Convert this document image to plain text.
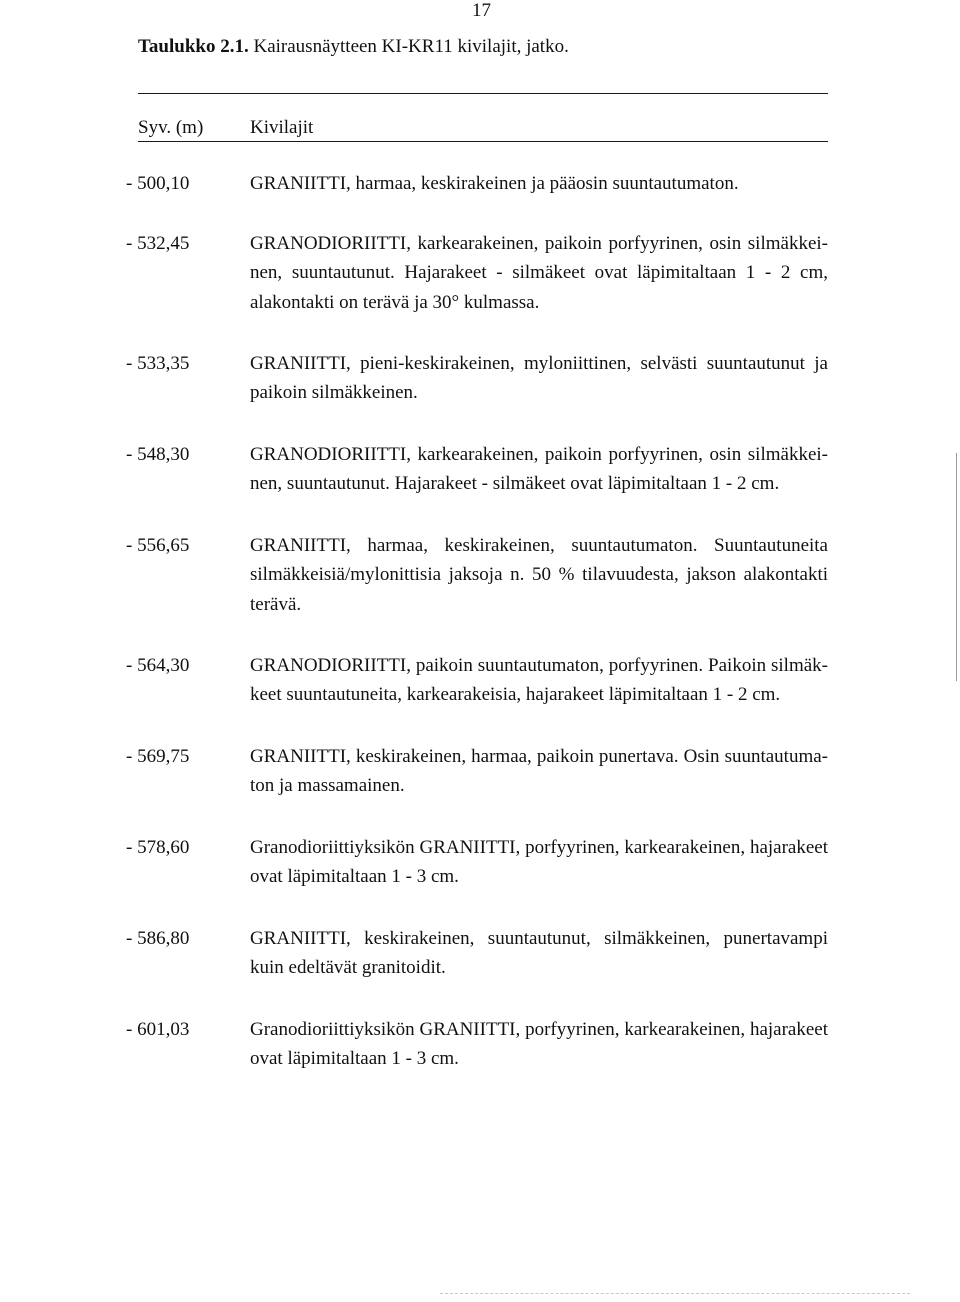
17
Taulukko 2.1. Kairausnäytteen KI-KR11 kivilajit, jatko.
Syv. (m) Kivilajit
- 500,10	GRANIITTI, harmaa, keskirakeinen ja pääosin suuntautumaton.
- 532,45	GRANODIORIITTI, karkearakeinen, paikoin porfyyrinen, osin silmäkkei-nen, suuntautunut. Hajarakeet - silmäkeet ovat läpimitaltaan 1 - 2 cm, alakontakti on terävä ja 30° kulmassa.
- 533,35	GRANIITTI, pieni-keskirakeinen, myloniittinen, selvästi suuntautunut ja paikoin silmäkkeinen.
- 548,30	GRANODIORIITTI, karkearakeinen, paikoin porfyyrinen, osin silmäkkei-nen, suuntautunut. Hajarakeet - silmäkeet ovat läpimitaltaan 1 - 2 cm.
- 556,65	GRANIITTI, harmaa, keskirakeinen, suuntautumaton. Suuntautuneita silmäkkeisiä/mylonittisia jaksoja n. 50 % tilavuudesta, jakson alakontakti terävä.
- 564,30	GRANODIORIITTI, paikoin suuntautumaton, porfyyrinen. Paikoin silmäk-keet suuntautuneita, karkearakeisia, hajarakeet läpimitaltaan 1 - 2 cm.
- 569,75	GRANIITTI, keskirakeinen, harmaa, paikoin punertava. Osin suuntautuma-ton ja massamainen.
- 578,60	Granodioriittiyksikön GRANIITTI, porfyyrinen, karkearakeinen, hajarakeet ovat läpimitaltaan 1 - 3 cm.
- 586,80	GRANIITTI, keskirakeinen, suuntautunut, silmäkkeinen, punertavampi kuin edeltävät granitoidit.
- 601,03	Granodioriittiyksikön GRANIITTI, porfyyrinen, karkearakeinen, hajarakeet ovat läpimitaltaan 1 - 3 cm.
